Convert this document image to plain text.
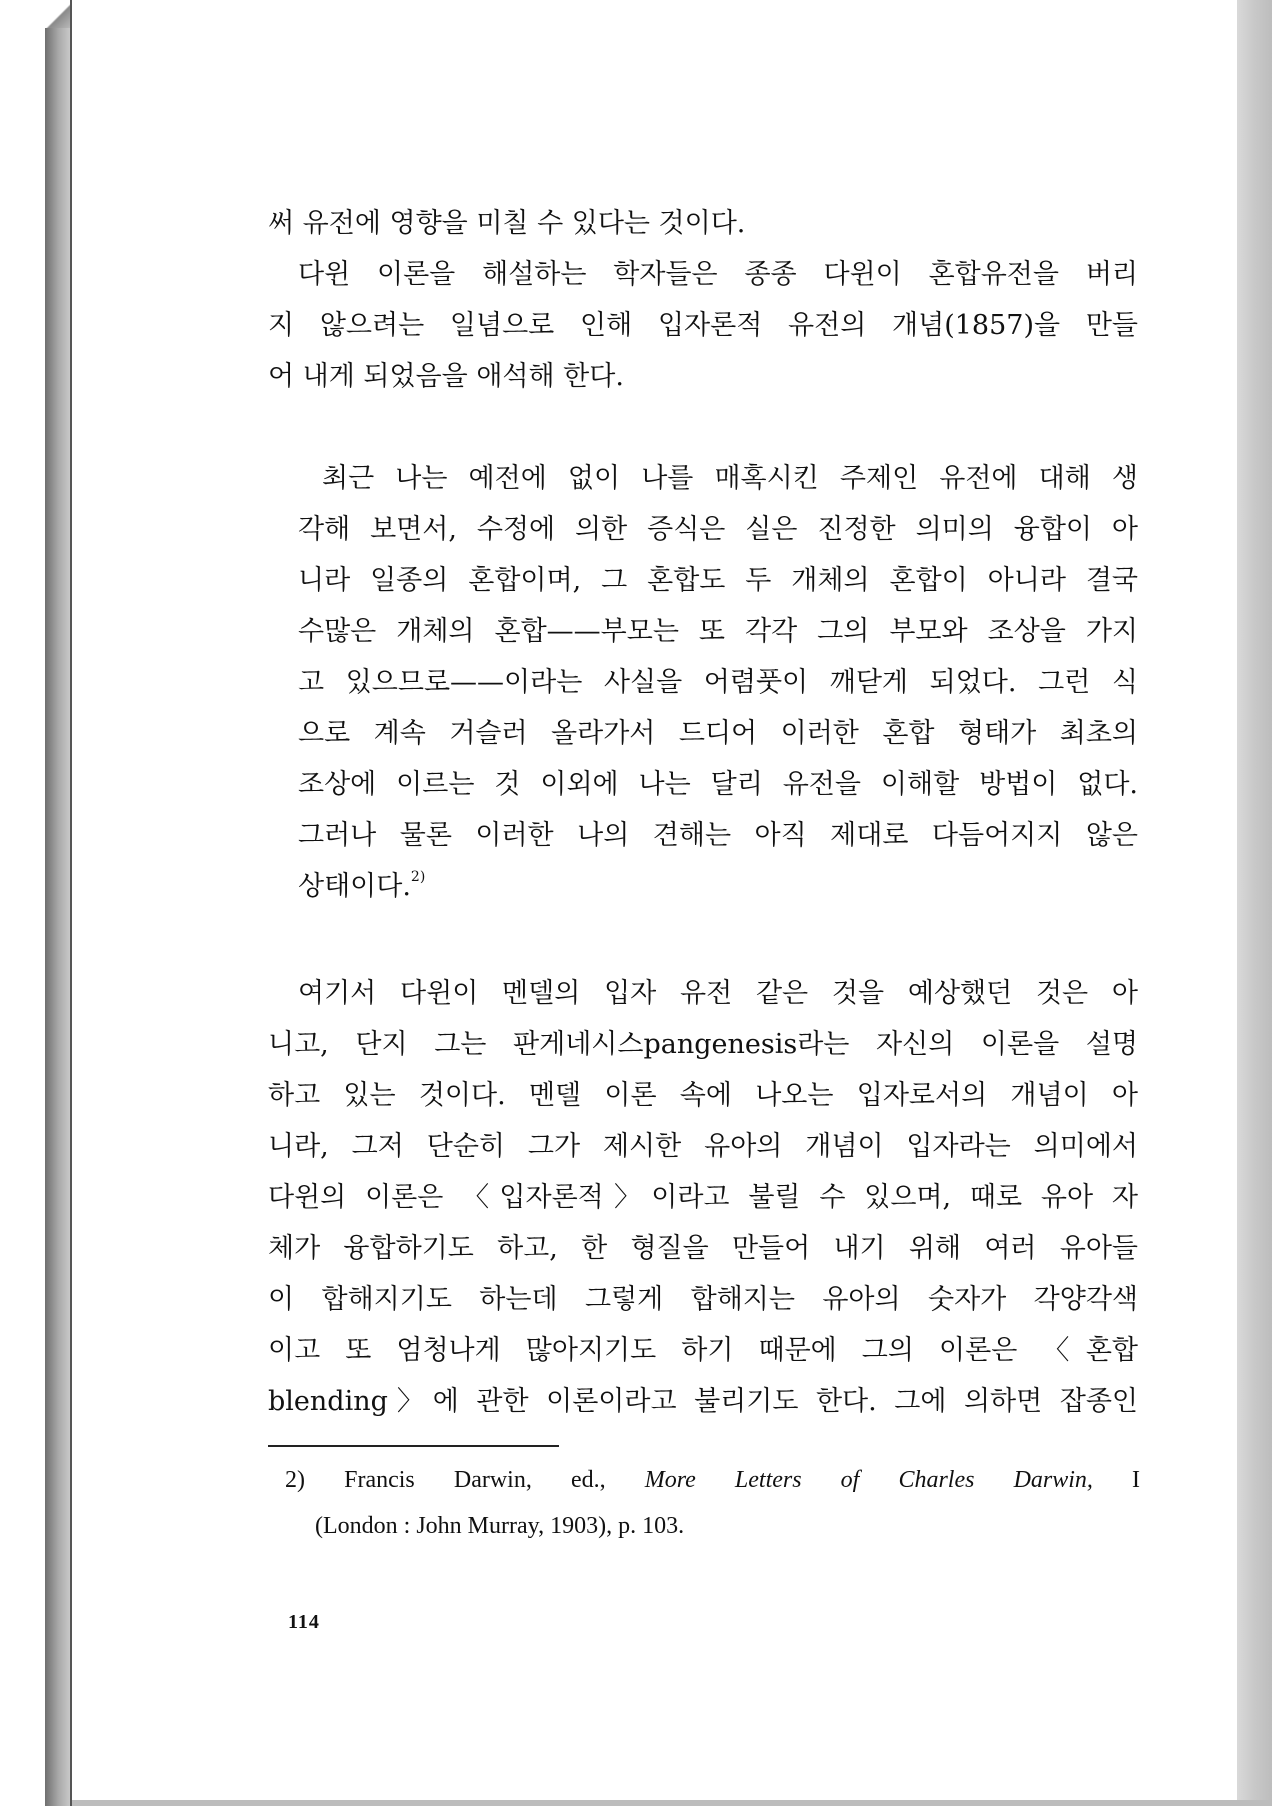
써 유전에 영향을 미칠 수 있다는 것이다.
다윈 이론을 해설하는 학자들은 종종 다윈이 혼합유전을 버리
지 않으려는 일념으로 인해 입자론적 유전의 개념(1857)을 만들
어 내게 되었음을 애석해 한다.
최근 나는 예전에 없이 나를 매혹시킨 주제인 유전에 대해 생
각해 보면서, 수정에 의한 증식은 실은 진정한 의미의 융합이 아
니라 일종의 혼합이며, 그 혼합도 두 개체의 혼합이 아니라 결국
수많은 개체의 혼합——부모는 또 각각 그의 부모와 조상을 가지
고 있으므로——이라는 사실을 어렴풋이 깨닫게 되었다. 그런 식
으로 계속 거슬러 올라가서 드디어 이러한 혼합 형태가 최초의
조상에 이르는 것 이외에 나는 달리 유전을 이해할 방법이 없다.
그러나 물론 이러한 나의 견해는 아직 제대로 다듬어지지 않은
상태이다.$^{2)}$
여기서 다윈이 멘델의 입자 유전 같은 것을 예상했던 것은 아
니고, 단지 그는 판게네시스pangenesis라는 자신의 이론을 설명
하고 있는 것이다. 멘델 이론 속에 나오는 입자로서의 개념이 아
니라, 그저 단순히 그가 제시한 유아의 개념이 입자라는 의미에서
다윈의 이론은 〈입자론적〉이라고 불릴 수 있으며, 때로 유아 자
체가 융합하기도 하고, 한 형질을 만들어 내기 위해 여러 유아들
이 합해지기도 하는데 그렇게 합해지는 유아의 숫자가 각양각색
이고 또 엄청나게 많아지기도 하기 때문에 그의 이론은 〈혼합
blending〉에 관한 이론이라고 불리기도 한다. 그에 의하면 잡종인
2) Francis Darwin, ed., More Letters of Charles Darwin, I
(London : John Murray, 1903), p. 103.
114
